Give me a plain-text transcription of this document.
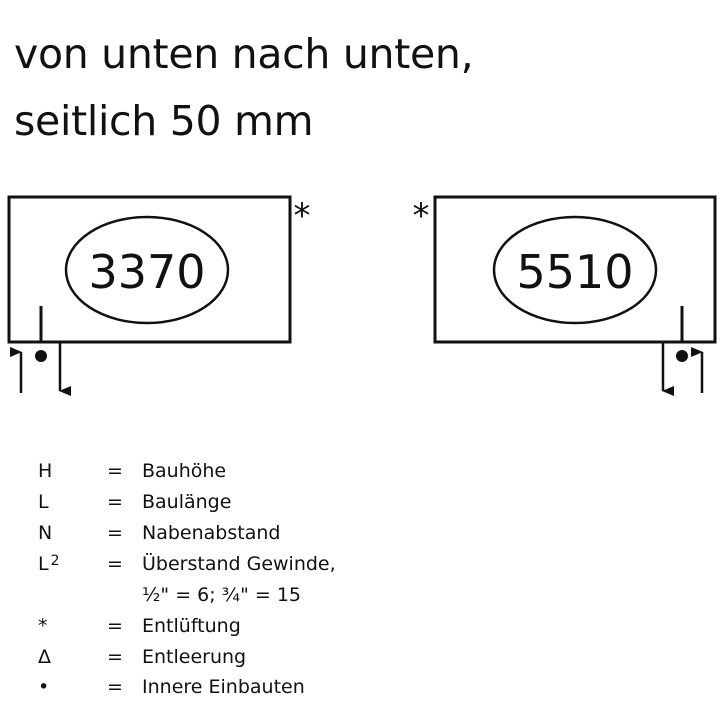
von unten nach unten,
seitlich 50 mm
3370
*
5510
*
H	= Bauhöhe
L	= Baulänge
N	= Nabenabstand
L 2 = Überstand Gewinde,
½" = 6; ¾" = 15
*	= Entlüftung
Δ	= Entleerung
•	= Innere Einbauten
